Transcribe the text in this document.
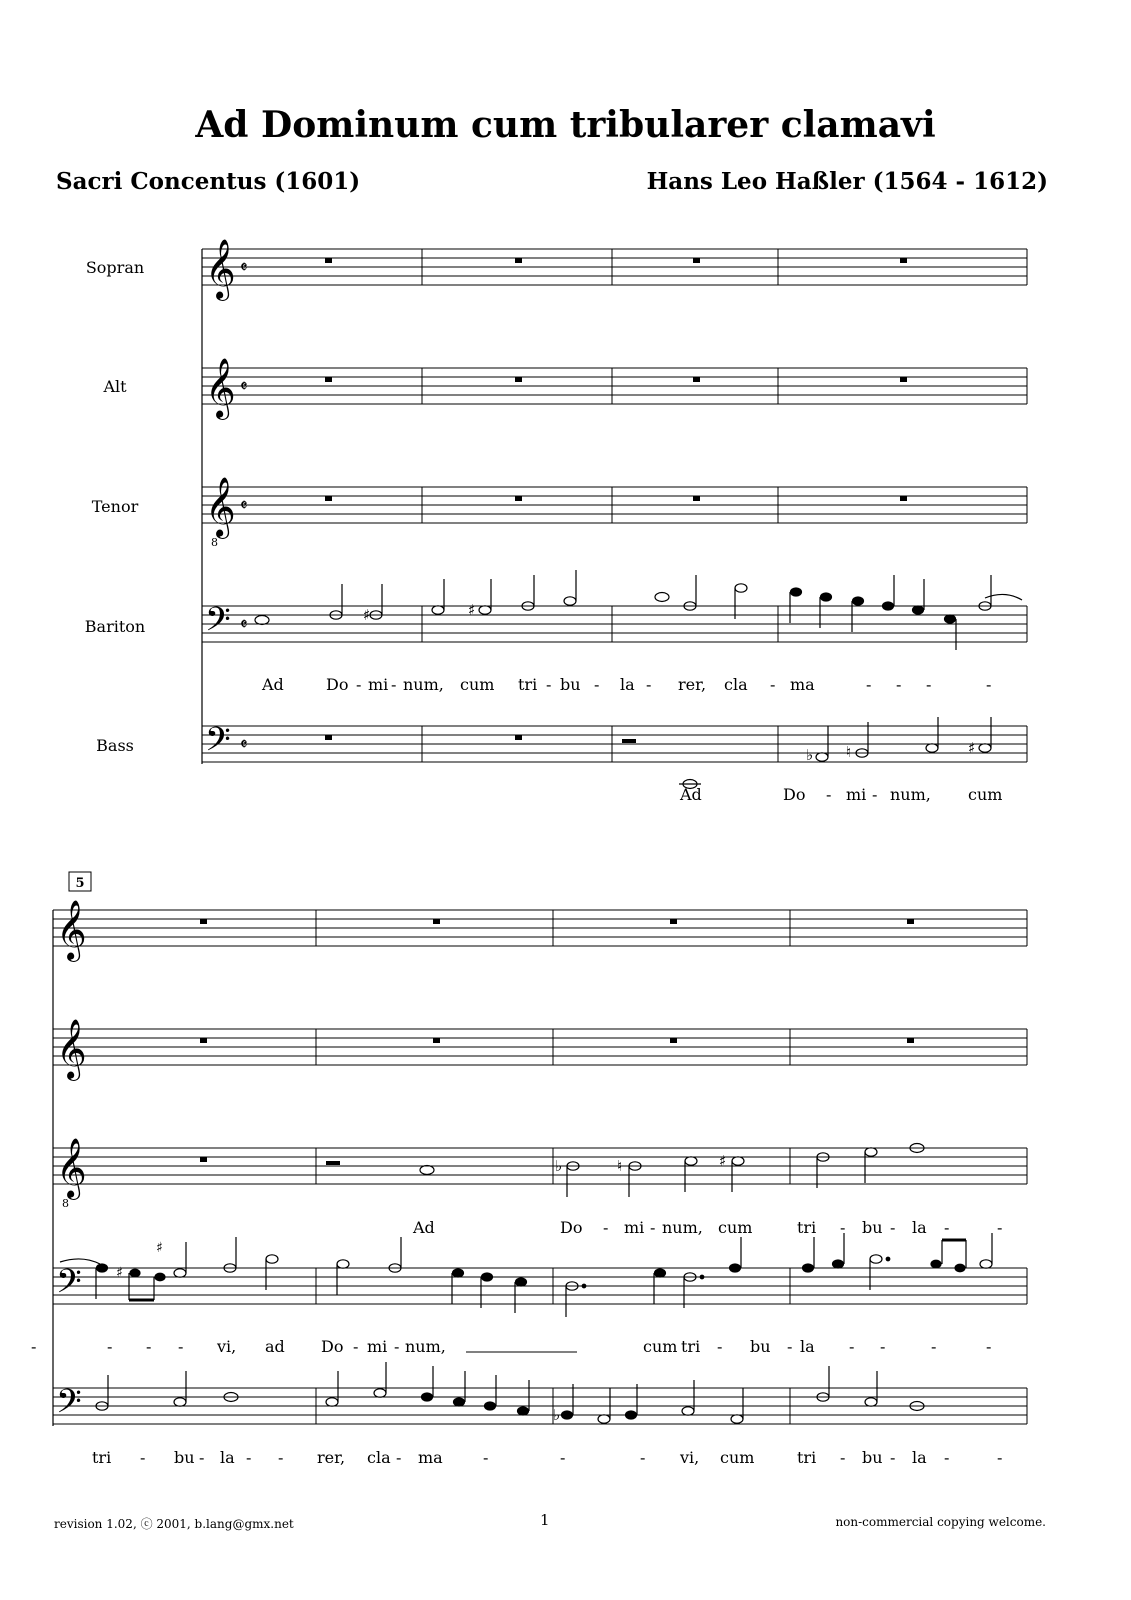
Ad Dominum cum tribularer clamavi
Sacri Concentus (1601)	Hans Leo Haßler (1564 - 1612)
Sopran
Alt
Tenor
Bariton
Bass
𝄞
𝄞
𝄞
8
𝄢
𝄢
𝄵
𝄵
𝄵
𝄵
𝄵
♯	♯
♭ ♮	♯
Ad	Do - mi - num, cum tri - bu - la - rer, cla - ma	- - -	-
Ad	Do - mi - num, cum
5
𝄞
𝄞
𝄞
8
𝄢
𝄢
♭	♮	♯
♯
♯
♭
Ad	Do - mi - num, cum	tri - bu - la -	-
-	- - - vi, ad Do - mi - num,	cum tri - bu - la - -	-	-
tri - bu - la - - rer, cla - ma	-	-	- vi, cum	tri - bu - la -	-
revision 1.02, ⓒ 2001, b.lang@gmx.net	1	non-commercial copying welcome.
